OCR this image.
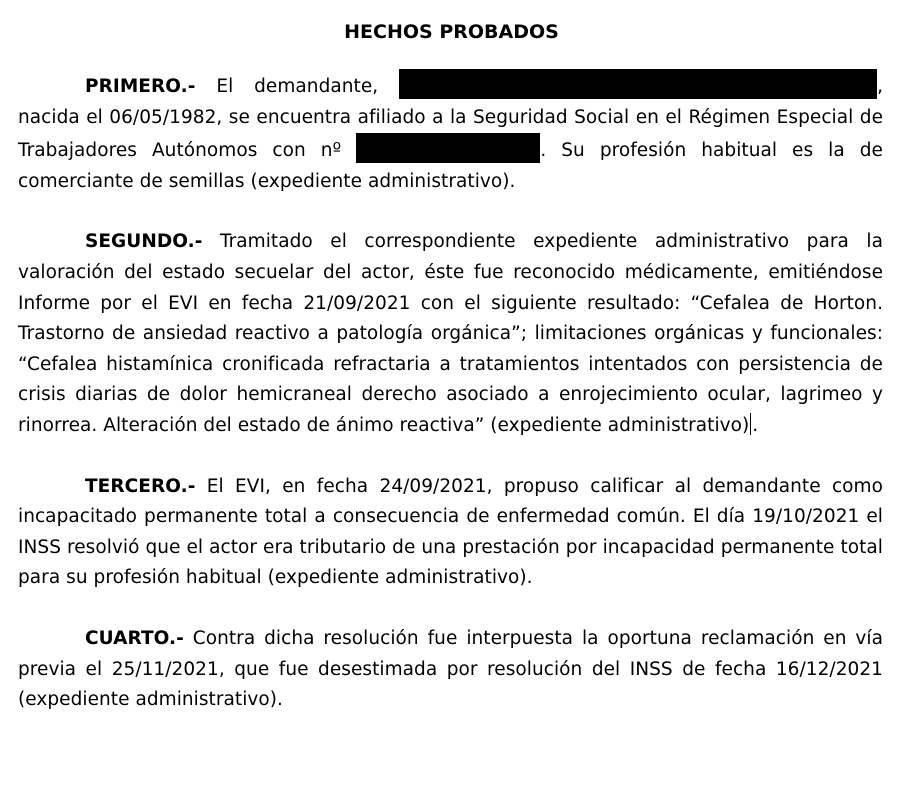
HECHOS PROBADOS

PRIMERO.- El demandante,	, nacida el 06/05/1982, se encuentra afiliado a la Seguridad Social en el Régimen Especial de Trabajadores Autónomos con nº	. Su profesión habitual es la de comerciante de semillas (expediente administrativo).

SEGUNDO.- Tramitado el correspondiente expediente administrativo para la valoración del estado secuelar del actor, éste fue reconocido médicamente, emitiéndose Informe por el EVI en fecha 21/09/2021 con el siguiente resultado: “Cefalea de Horton. Trastorno de ansiedad reactivo a patología orgánica”; limitaciones orgánicas y funcionales: “Cefalea histamínica cronificada refractaria a tratamientos intentados con persistencia de crisis diarias de dolor hemicraneal derecho asociado a enrojecimiento ocular, lagrimeo y rinorrea. Alteración del estado de ánimo reactiva” (expediente administrativo) .

TERCERO.- El EVI, en fecha 24/09/2021, propuso calificar al demandante como incapacitado permanente total a consecuencia de enfermedad común. El día 19/10/2021 el INSS resolvió que el actor era tributario de una prestación por incapacidad permanente total para su profesión habitual (expediente administrativo).

CUARTO.- Contra dicha resolución fue interpuesta la oportuna reclamación en vía previa el 25/11/2021, que fue desestimada por resolución del INSS de fecha 16/12/2021 (expediente administrativo).
